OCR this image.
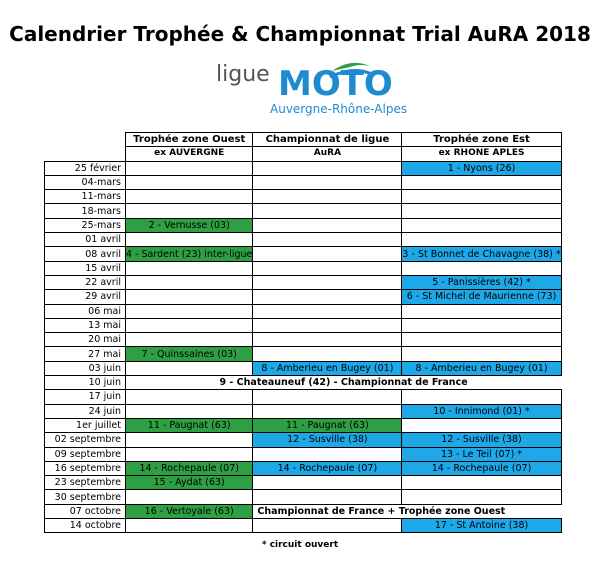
Calendrier Trophée & Championnat Trial AuRA 2018
ligue MOTO
Auvergne-Rhône-Alpes
	Trophée zone Ouest	Championnat de ligue	Trophée zone Est
	ex AUVERGNE	AuRA	ex RHONE APLES
25 février			1 - Nyons (26)
04-mars			
11-mars			
18-mars			
25-mars	2 - Vernusse (03)		
01 avril			
08 avril	4 - Sardent (23) inter-ligue		3 - St Bonnet de Chavagne (38) *
15 avril			
22 avril			5 - Panissières (42) *
29 avril			6 - St Michel de Maurienne (73)
06 mai			
13 mai			
20 mai			
27 mai	7 - Quinssaines (03)		
03 juin		8 - Amberieu en Bugey (01)	8 - Amberieu en Bugey (01)
10 juin	9 - Chateauneuf (42) - Championnat de France		
17 juin			
24 juin			10 - Innimond (01) *
1er juillet	11 - Paugnat (63)	11 - Paugnat (63)	
02 septembre		12 - Susville (38)	12 - Susville (38)
09 septembre			13 - Le Teil (07) *
16 septembre	14 - Rochepaule (07)	14 - Rochepaule (07)	14 - Rochepaule (07)
23 septembre	15 - Aydat (63)		
30 septembre			
07 octobre	16 - Vertoyale (63)	Championnat de France + Trophée zone Ouest	
14 octobre			17 - St Antoine (38)
* circuit ouvert
